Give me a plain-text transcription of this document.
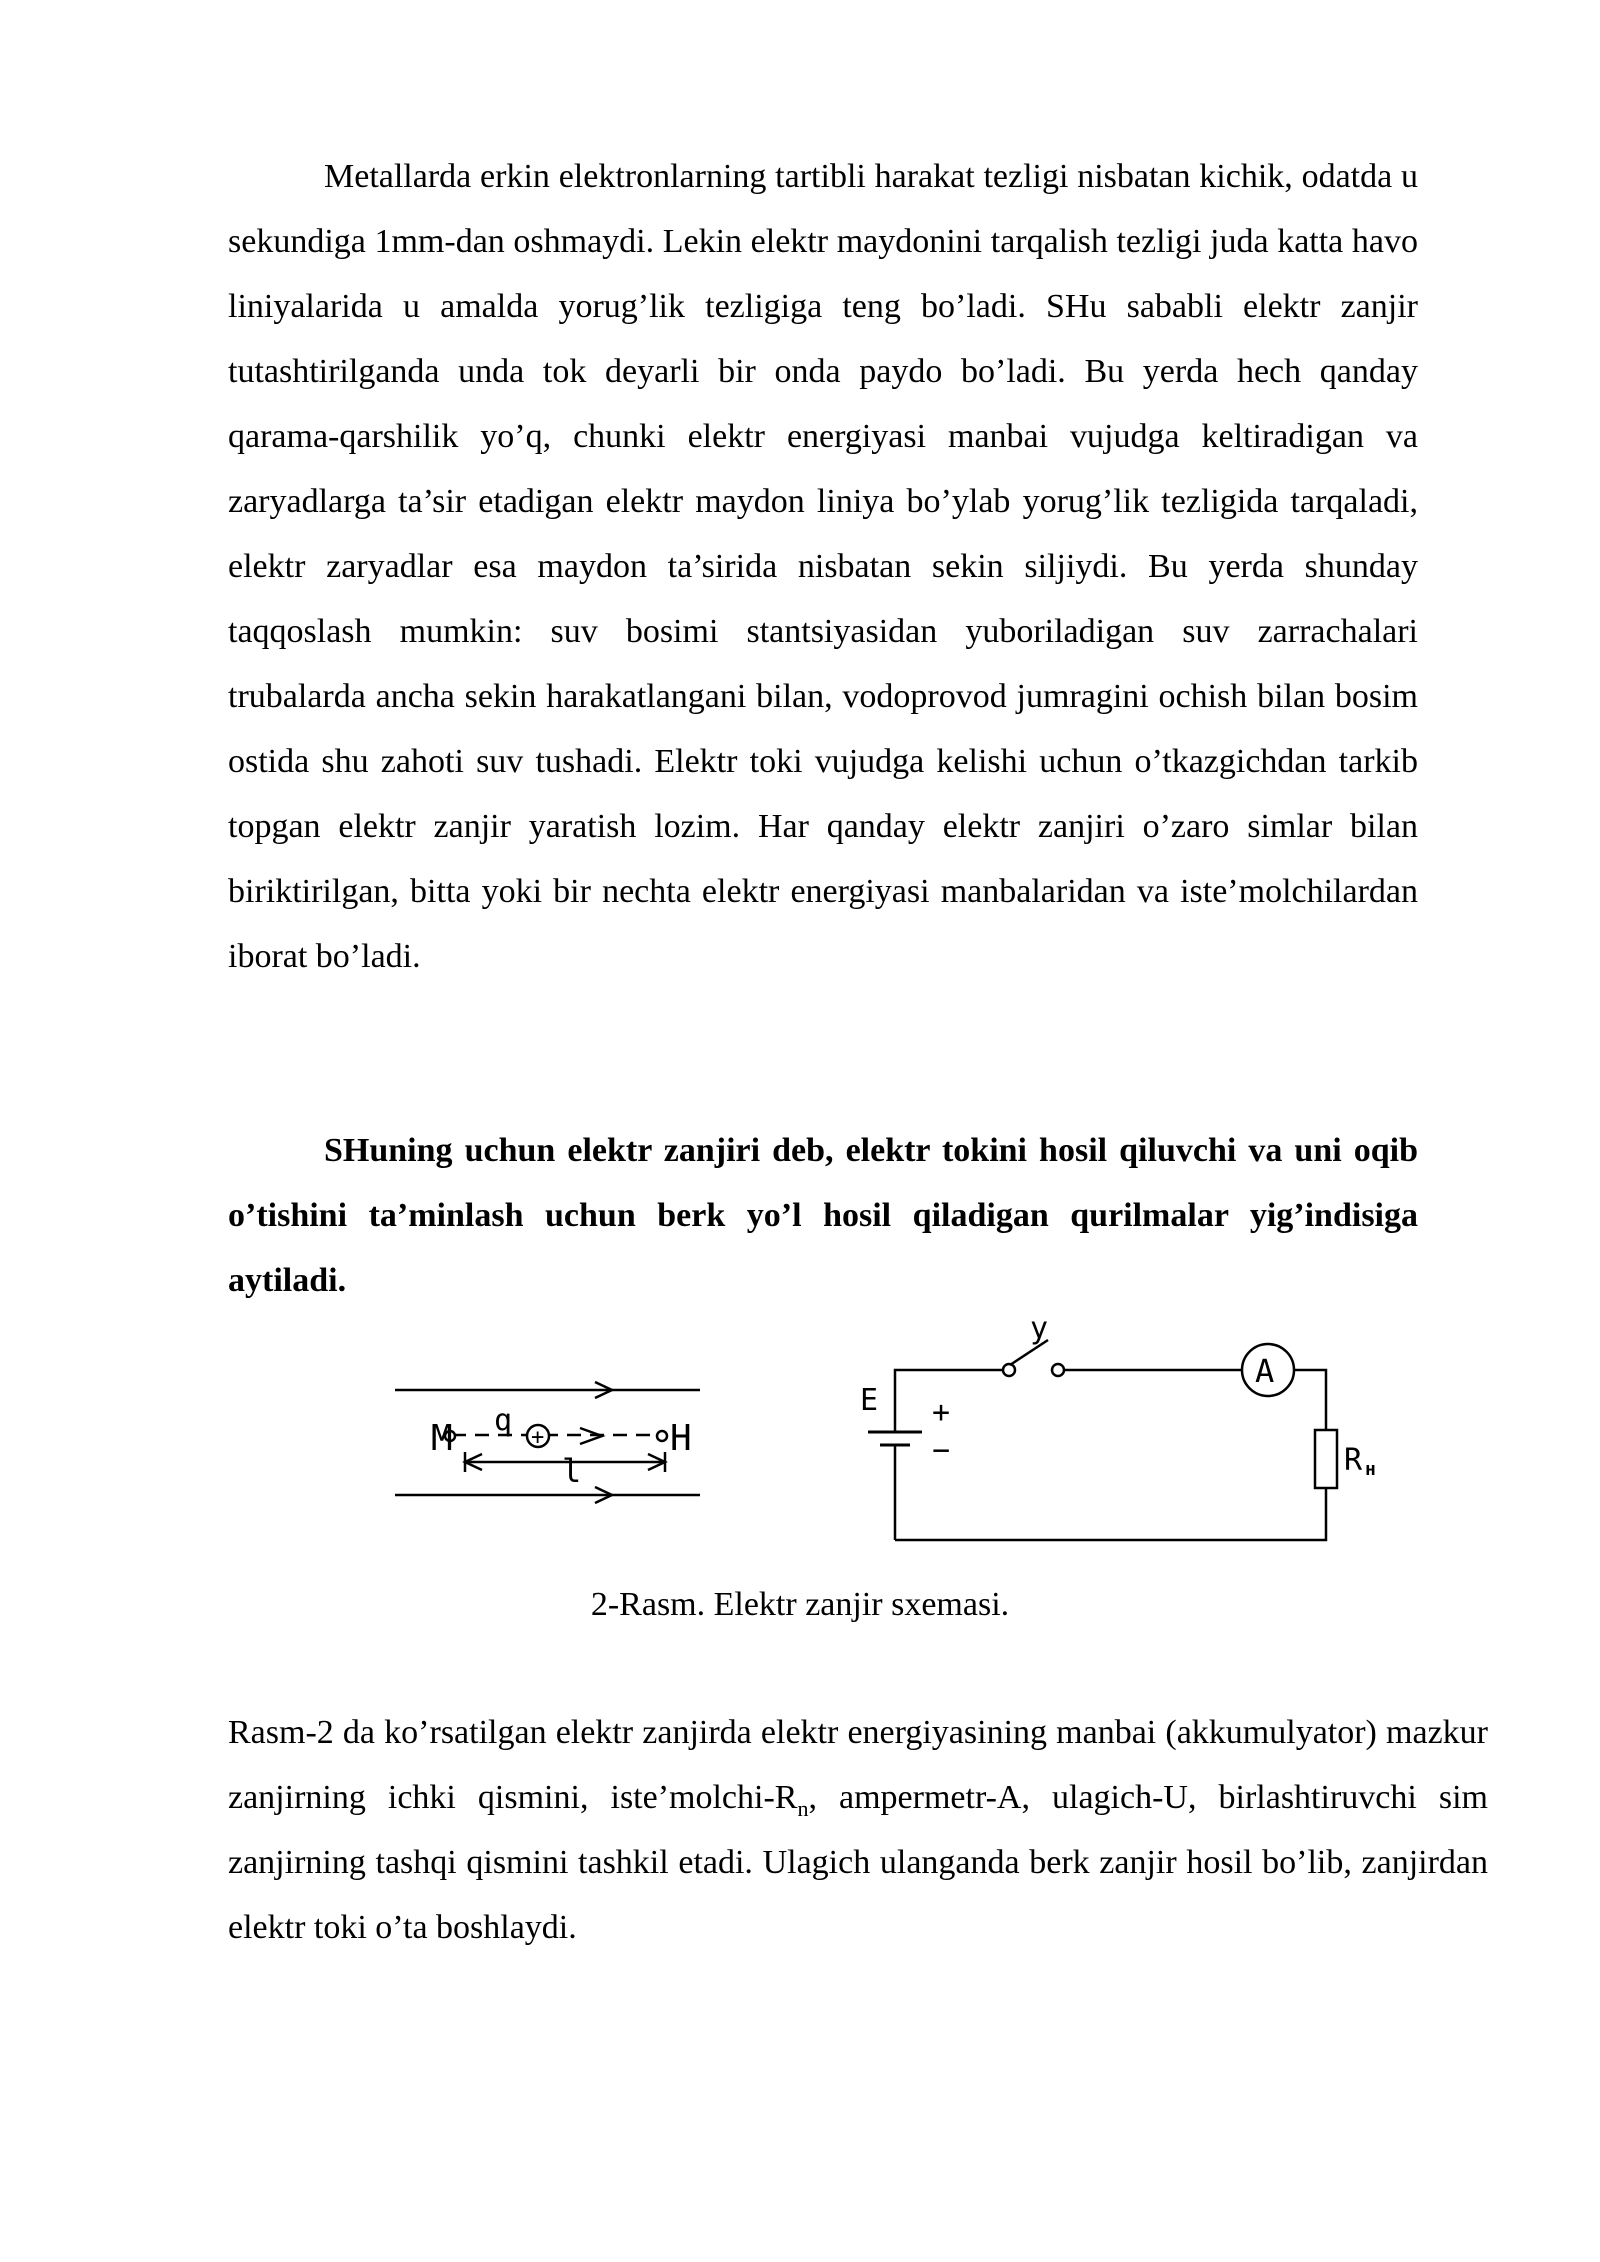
Metallarda erkin elektronlarning tartibli harakat tezligi nisbatan kichik, odatda u sekundiga 1mm-dan oshmaydi. Lekin elektr maydonini tarqalish tezligi juda katta havo liniyalarida u amalda yorug’lik tezligiga teng bo’ladi. SHu sababli elektr zanjir tutashtirilganda unda tok deyarli bir onda paydo bo’ladi. Bu yerda hech qanday qarama-qarshilik yo’q, chunki elektr energiyasi manbai vujudga keltiradigan va zaryadlarga ta’sir etadigan elektr maydon liniya bo’ylab yorug’lik tezligida tarqaladi, elektr zaryadlar esa maydon ta’sirida nisbatan sekin siljiydi. Bu yerda shunday taqqoslash mumkin: suv bosimi stantsiyasidan yuboriladigan suv zarrachalari trubalarda ancha sekin harakatlangani bilan, vodoprovod jumragini ochish bilan bosim ostida shu zahoti suv tushadi. Elektr toki vujudga kelishi uchun o’tkazgichdan tarkib topgan elektr zanjir yaratish lozim. Har qanday elektr zanjiri o’zaro simlar bilan biriktirilgan, bitta yoki bir nechta elektr energiyasi manbalaridan va iste’molchilardan iborat bo’ladi.

SHuning uchun elektr zanjiri deb, elektr tokini hosil qiluvchi va uni oqib o’tishini ta’minlash uchun berk yo’l hosil qiladigan qurilmalar yig’indisiga aytiladi.

M q +	H
l
y
A
E +
−	R н

2-Rasm. Elektr zanjir sxemasi.

Rasm-2 da ko’rsatilgan elektr zanjirda elektr energiyasining manbai (akkumulyator) mazkur zanjirning ichki qismini, $iste’molchi-R_n$, ampermetr-A, ulagich-U, birlashtiruvchi sim zanjirning tashqi qismini tashkil etadi. Ulagich ulanganda berk zanjir hosil bo’lib, zanjirdan elektr toki o’ta boshlaydi.
